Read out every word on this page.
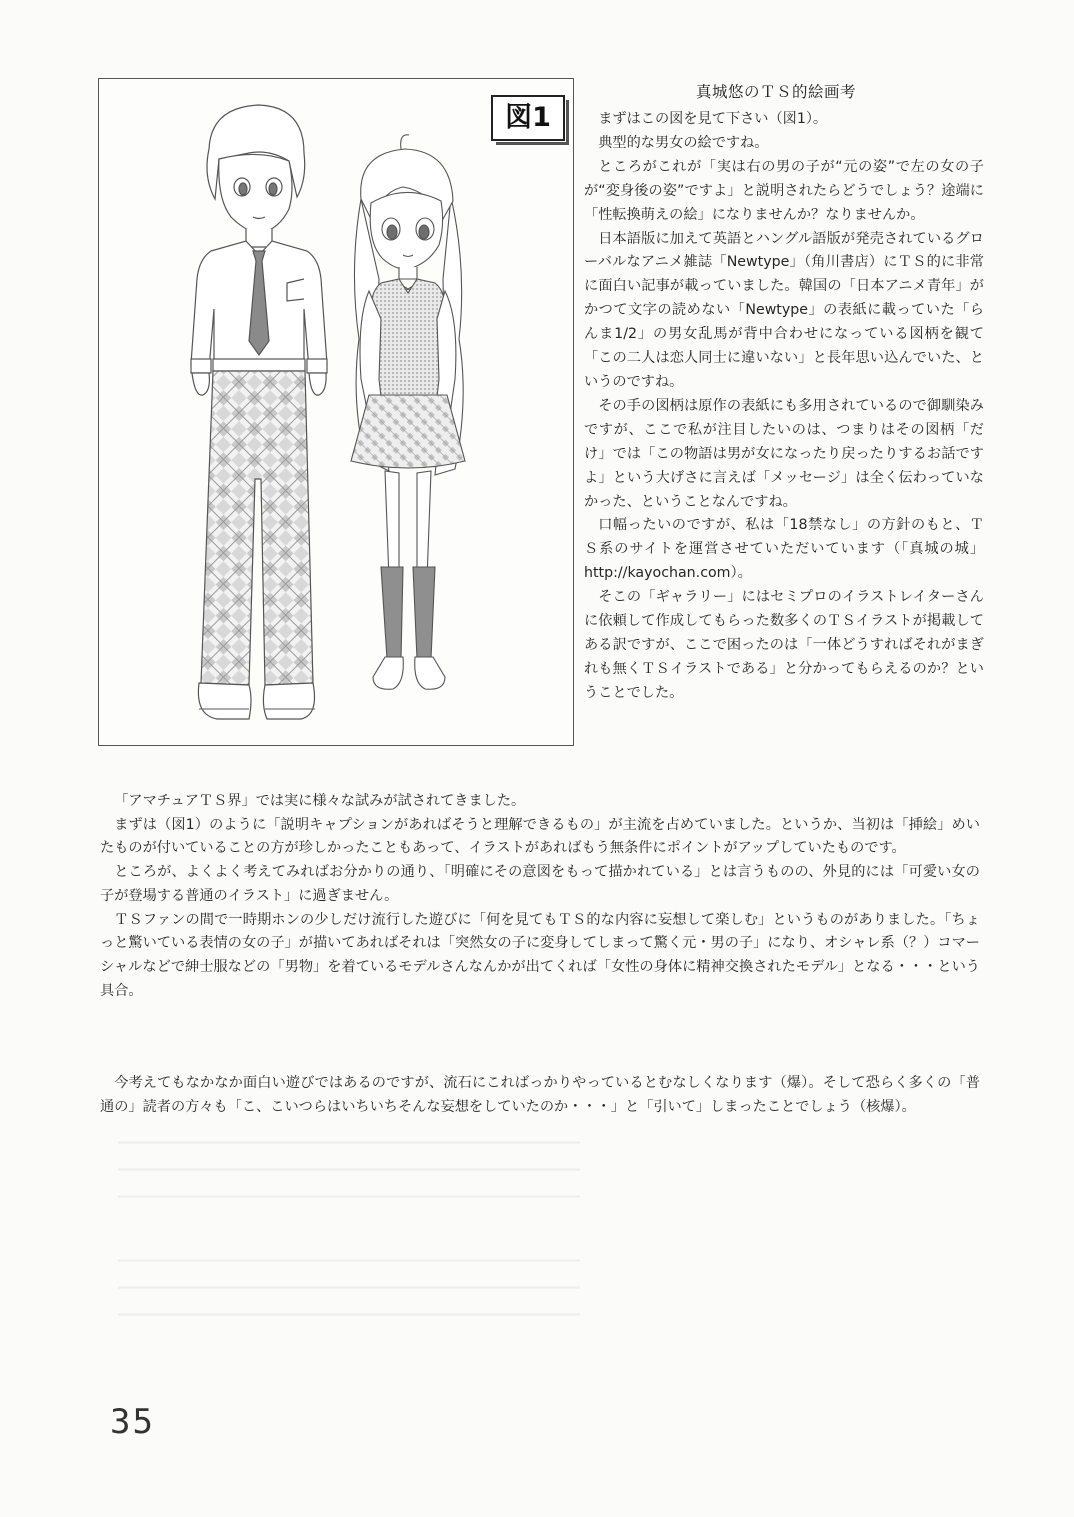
━━━━━━━━━━━━━━━━━━━━━━━━━━━━━━━━━━━━━━━━━━━━━━━━━━━━━━━━━━━
━━━━━━━━━━━━━━━━━━━━━━━━━━━━━━━━━━━━━━━━━━━━━━━━━━━━━━━━━━━
━━━━━━━━━━━━━━━━━━━━━━━━━━━━━━━━━━━━━━━━━━━━━━━━━━━━━━━━━━━
━━━━━━━━━━━━━━━━━━━━━━━━━━━━━━━━━━━━━━━━━━━━━━━━━━━━━━━━━━━
━━━━━━━━━━━━━━━━━━━━━━━━━━━━━━━━━━━━━━━━━━━━━━━━━━━━━━━━━━━
━━━━━━━━━━━━━━━━━━━━━━━━━━━━━━━━━━━━━━━━━━━━━━━━━━━━━━━━━━━
図1
真城悠のＴＳ的絵画考

まずはこの図を見て下さい（図1）。

典型的な男女の絵ですね。

ところがこれが「実は右の男の子が“元の姿”で左の女の子が“変身後の姿”ですよ」と説明されたらどうでしょう？途端に「性転換萌えの絵」になりませんか？なりませんか。

日本語版に加えて英語とハングル語版が発売されているグローバルなアニメ雑誌「Newtype」（角川書店）にＴＳ的に非常に面白い記事が載っていました。韓国の「日本アニメ青年」がかつて文字の読めない「Newtype」の表紙に載っていた「らんま1/2」の男女乱馬が背中合わせになっている図柄を観て「この二人は恋人同士に違いない」と長年思い込んでいた、というのですね。

その手の図柄は原作の表紙にも多用されているので御馴染みですが、ここで私が注目したいのは、つまりはその図柄「だけ」では「この物語は男が女になったり戻ったりするお話ですよ」という大げさに言えば「メッセージ」は全く伝わっていなかった、ということなんですね。

口幅ったいのですが、私は「18禁なし」の方針のもと、ＴＳ系のサイトを運営させていただいています（「真城の城」http://kayochan.com）。

そこの「ギャラリー」にはセミプロのイラストレイターさんに依頼して作成してもらった数多くのＴＳイラストが掲載してある訳ですが、ここで困ったのは「一体どうすればそれがまぎれも無くＴＳイラストである」と分かってもらえるのか？ということでした。

「アマチュアＴＳ界」では実に様々な試みが試されてきました。

まずは（図1）のように「説明キャプションがあればそうと理解できるもの」が主流を占めていました。というか、当初は「挿絵」めいたものが付いていることの方が珍しかったこともあって、イラストがあればもう無条件にポイントがアップしていたものです。

ところが、よくよく考えてみればお分かりの通り、「明確にその意図をもって描かれている」とは言うものの、外見的には「可愛い女の子が登場する普通のイラスト」に過ぎません。

ＴＳファンの間で一時期ホンの少しだけ流行した遊びに「何を見てもＴＳ的な内容に妄想して楽しむ」というものがありました。「ちょっと驚いている表情の女の子」が描いてあればそれは「突然女の子に変身してしまって驚く元・男の子」になり、オシャレ系（？）コマーシャルなどで紳士服などの「男物」を着ているモデルさんなんかが出てくれば「女性の身体に精神交換されたモデル」となる・・・という具合。

今考えてもなかなか面白い遊びではあるのですが、流石にこればっかりやっているとむなしくなります（爆）。そして恐らく多くの「普通の」読者の方々も「こ、こいつらはいちいちそんな妄想をしていたのか・・・」と「引いて」しまったことでしょう（核爆）。

35
